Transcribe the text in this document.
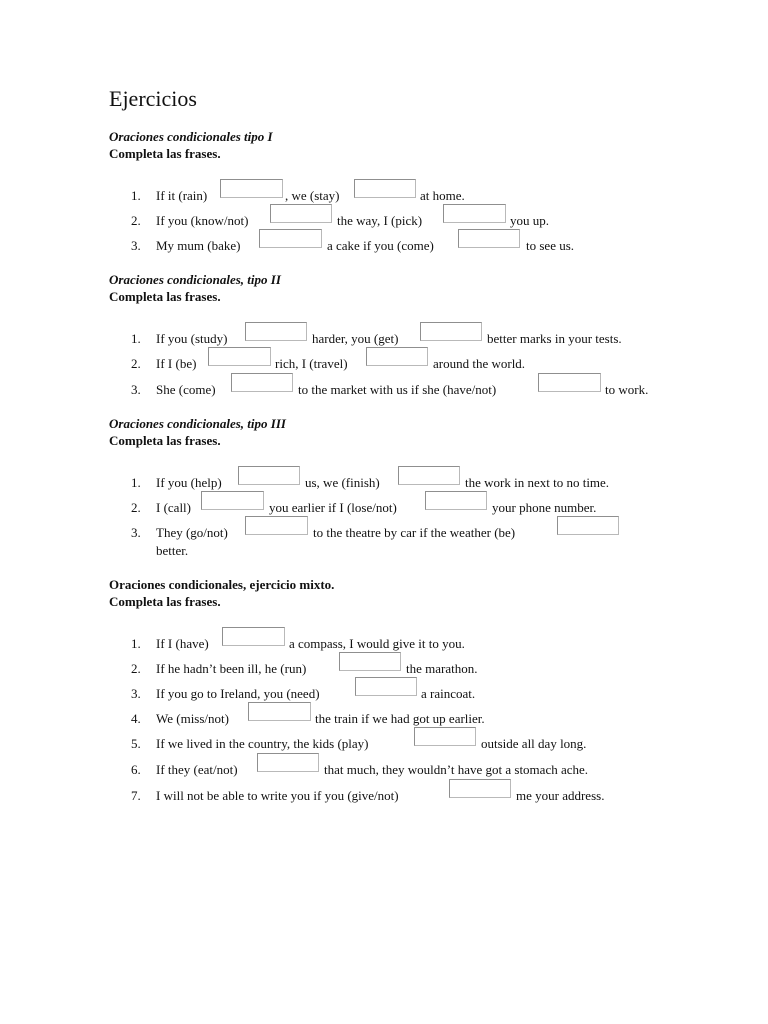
Ejercicios

Oraciones condicionales tipo I

Completa las frases.

1.	If it (rain)	, we (stay)	at home.
2.	If you (know/not)	the way, I (pick)	you up.
3.	My mum (bake)	a cake if you (come)	to see us.

Oraciones condicionales, tipo II

Completa las frases.

1.	If you (study)	harder, you (get)	better marks in your tests.
2.	If I (be)	rich, I (travel)	around the world.
3.	She (come)	to the market with us if she (have/not)	to work.

Oraciones condicionales, tipo III

Completa las frases.

1.	If you (help)	us, we (finish)	the work in next to no time.
2.	I (call)	you earlier if I (lose/not)	your phone number.
3.	They (go/not)	to the theatre by car if the weather (be)
better.

Oraciones condicionales, ejercicio mixto.

Completa las frases.

1.	If I (have)	a compass, I would give it to you.
2.	If he hadn’t been ill, he (run)	the marathon.
3.	If you go to Ireland, you (need)	a raincoat.
4.	We (miss/not)	the train if we had got up earlier.
5.	If we lived in the country, the kids (play)	outside all day long.
6.	If they (eat/not)	that much, they wouldn’t have got a stomach ache.
7.	I will not be able to write you if you (give/not)	me your address.
